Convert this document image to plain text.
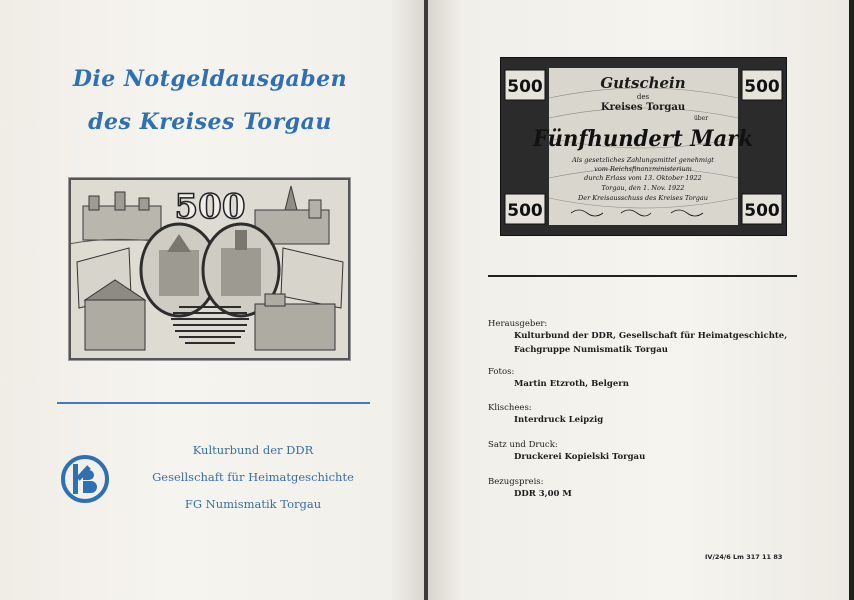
Die Notgeldausgaben
des Kreises Torgau
500
Kulturbund der DDR
Gesellschaft für Heimatgeschichte
FG Numismatik Torgau
500	500
500	500
Gutschein
des
Kreises Torgau
über
Fünfhundert Mark
Als gesetzliches Zahlungsmittel genehmigt
vom Reichsfinanzministerium
durch Erlass vom 13. Oktober 1922
Torgau, den 1. Nov. 1922
Der Kreisausschuss des Kreises Torgau
Herausgeber:
Kulturbund der DDR, Gesellschaft für Heimatgeschichte,
Fachgruppe Numismatik Torgau
Fotos:
Martin Etzroth, Belgern
Klischees:
Interdruck Leipzig
Satz und Druck:
Druckerei Kopielski Torgau
Bezugspreis:
DDR 3,00 M
IV/24/6 Lm 317 11 83
